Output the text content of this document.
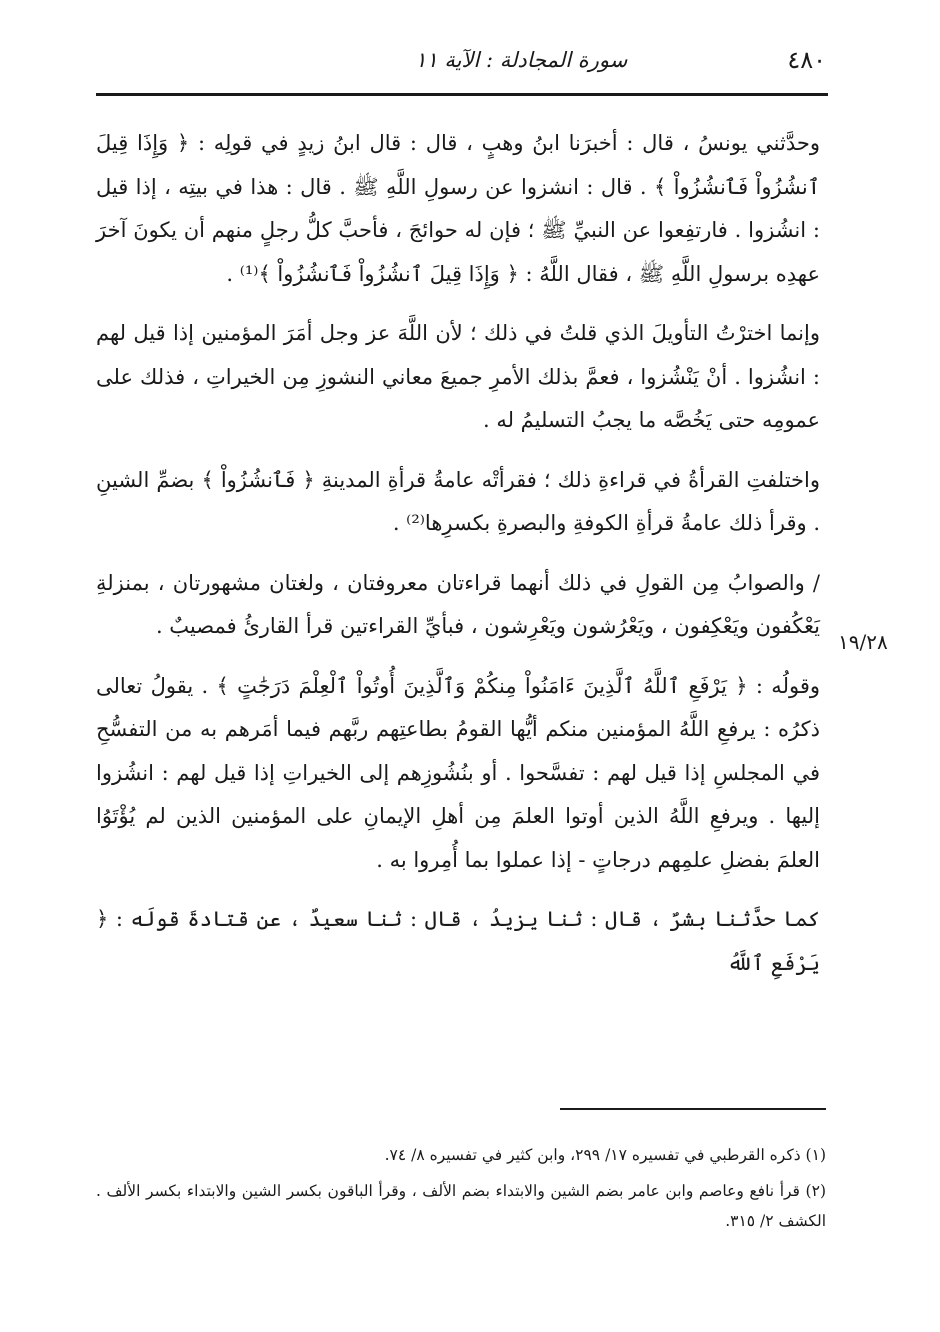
٤٨٠
سورة المجادلة : الآية ١١
١٩/٢٨

وحدَّثني يونسُ ، قال : أخبرَنا ابنُ وهبٍ ، قال : قال ابنُ زيدٍ في قولِه : ﴿ وَإِذَا قِيلَ ٱنشُزُواْ فَٱنشُزُواْ ﴾ . قال : انشزوا عن رسولِ اللَّهِ ﷺ . قال : هذا في بيتِه ، إذا قيل : انشُزوا . فارتفِعوا عن النبيِّ ﷺ ؛ فإن له حوائجَ ، فأحبَّ كلُّ رجلٍ منهم أن يكونَ آخرَ عهدِه برسولِ اللَّهِ ﷺ ، فقال اللَّهُ : ﴿ وَإِذَا قِيلَ ٱنشُزُواْ فَٱنشُزُواْ ﴾⁽¹⁾ .

وإنما اخترْتُ التأويلَ الذي قلتُ في ذلك ؛ لأن اللَّهَ عز وجل أمَرَ المؤمنين إذا قيل لهم : انشُزوا . أنْ يَنْشُزوا ، فعمَّ بذلك الأمرِ جميعَ معاني النشوزِ مِن الخيراتِ ، فذلك على عمومِه حتى يَخُصَّه ما يجبُ التسليمُ له .

واختلفتِ القرأةُ في قراءةِ ذلك ؛ فقرأتْه عامةُ قرأةِ المدينةِ ﴿ فَٱنشُزُواْ ﴾ بضمِّ الشينِ . وقرأ ذلك عامةُ قرأةِ الكوفةِ والبصرةِ بكسرِها⁽²⁾ .

/ والصوابُ مِن القولِ في ذلك أنهما قراءتان معروفتان ، ولغتان مشهورتان ، بمنزلةِ يَعْكُفون ويَعْكِفون ، ويَعْرُشون ويَعْرِشون ، فبأيِّ القراءتين قرأ القارئُ فمصيبٌ .

وقولُه : ﴿ يَرْفَعِ ٱللَّهُ ٱلَّذِينَ ءَامَنُواْ مِنكُمْ وَٱلَّذِينَ أُوتُواْ ٱلْعِلْمَ دَرَجَٰتٍ ﴾ . يقولُ تعالى ذكرُه : يرفعِ اللَّهُ المؤمنين منكم أيُّها القومُ بطاعتِهم ربَّهم فيما أمَرهم به من التفسُّحِ في المجلسِ إذا قيل لهم : تفسَّحوا . أو بنُشُوزِهم إلى الخيراتِ إذا قيل لهم : انشُزوا إليها . ويرفعِ اللَّهُ الذين أوتوا العلمَ مِن أهلِ الإيمانِ على المؤمنين الذين لم يُؤْتَوُا العلمَ بفضلِ علمِهم درجاتٍ - إذا عملوا بما أُمِروا به .

كما حدَّثنا بشرٌ ، قال : ثنا يزيدُ ، قال : ثنا سعيدٌ ، عن قتادةَ قولَه : ﴿ يَرْفَعِ ٱللَّهُ

(١) ذكره القرطبي في تفسيره ١٧/ ٢٩٩، وابن كثير في تفسيره ٨/ ٧٤.
(٢) قرأ نافع وعاصم وابن عامر بضم الشين والابتداء بضم الألف ، وقرأ الباقون بكسر الشين والابتداء بكسر الألف . الكشف ٢/ ٣١٥.
